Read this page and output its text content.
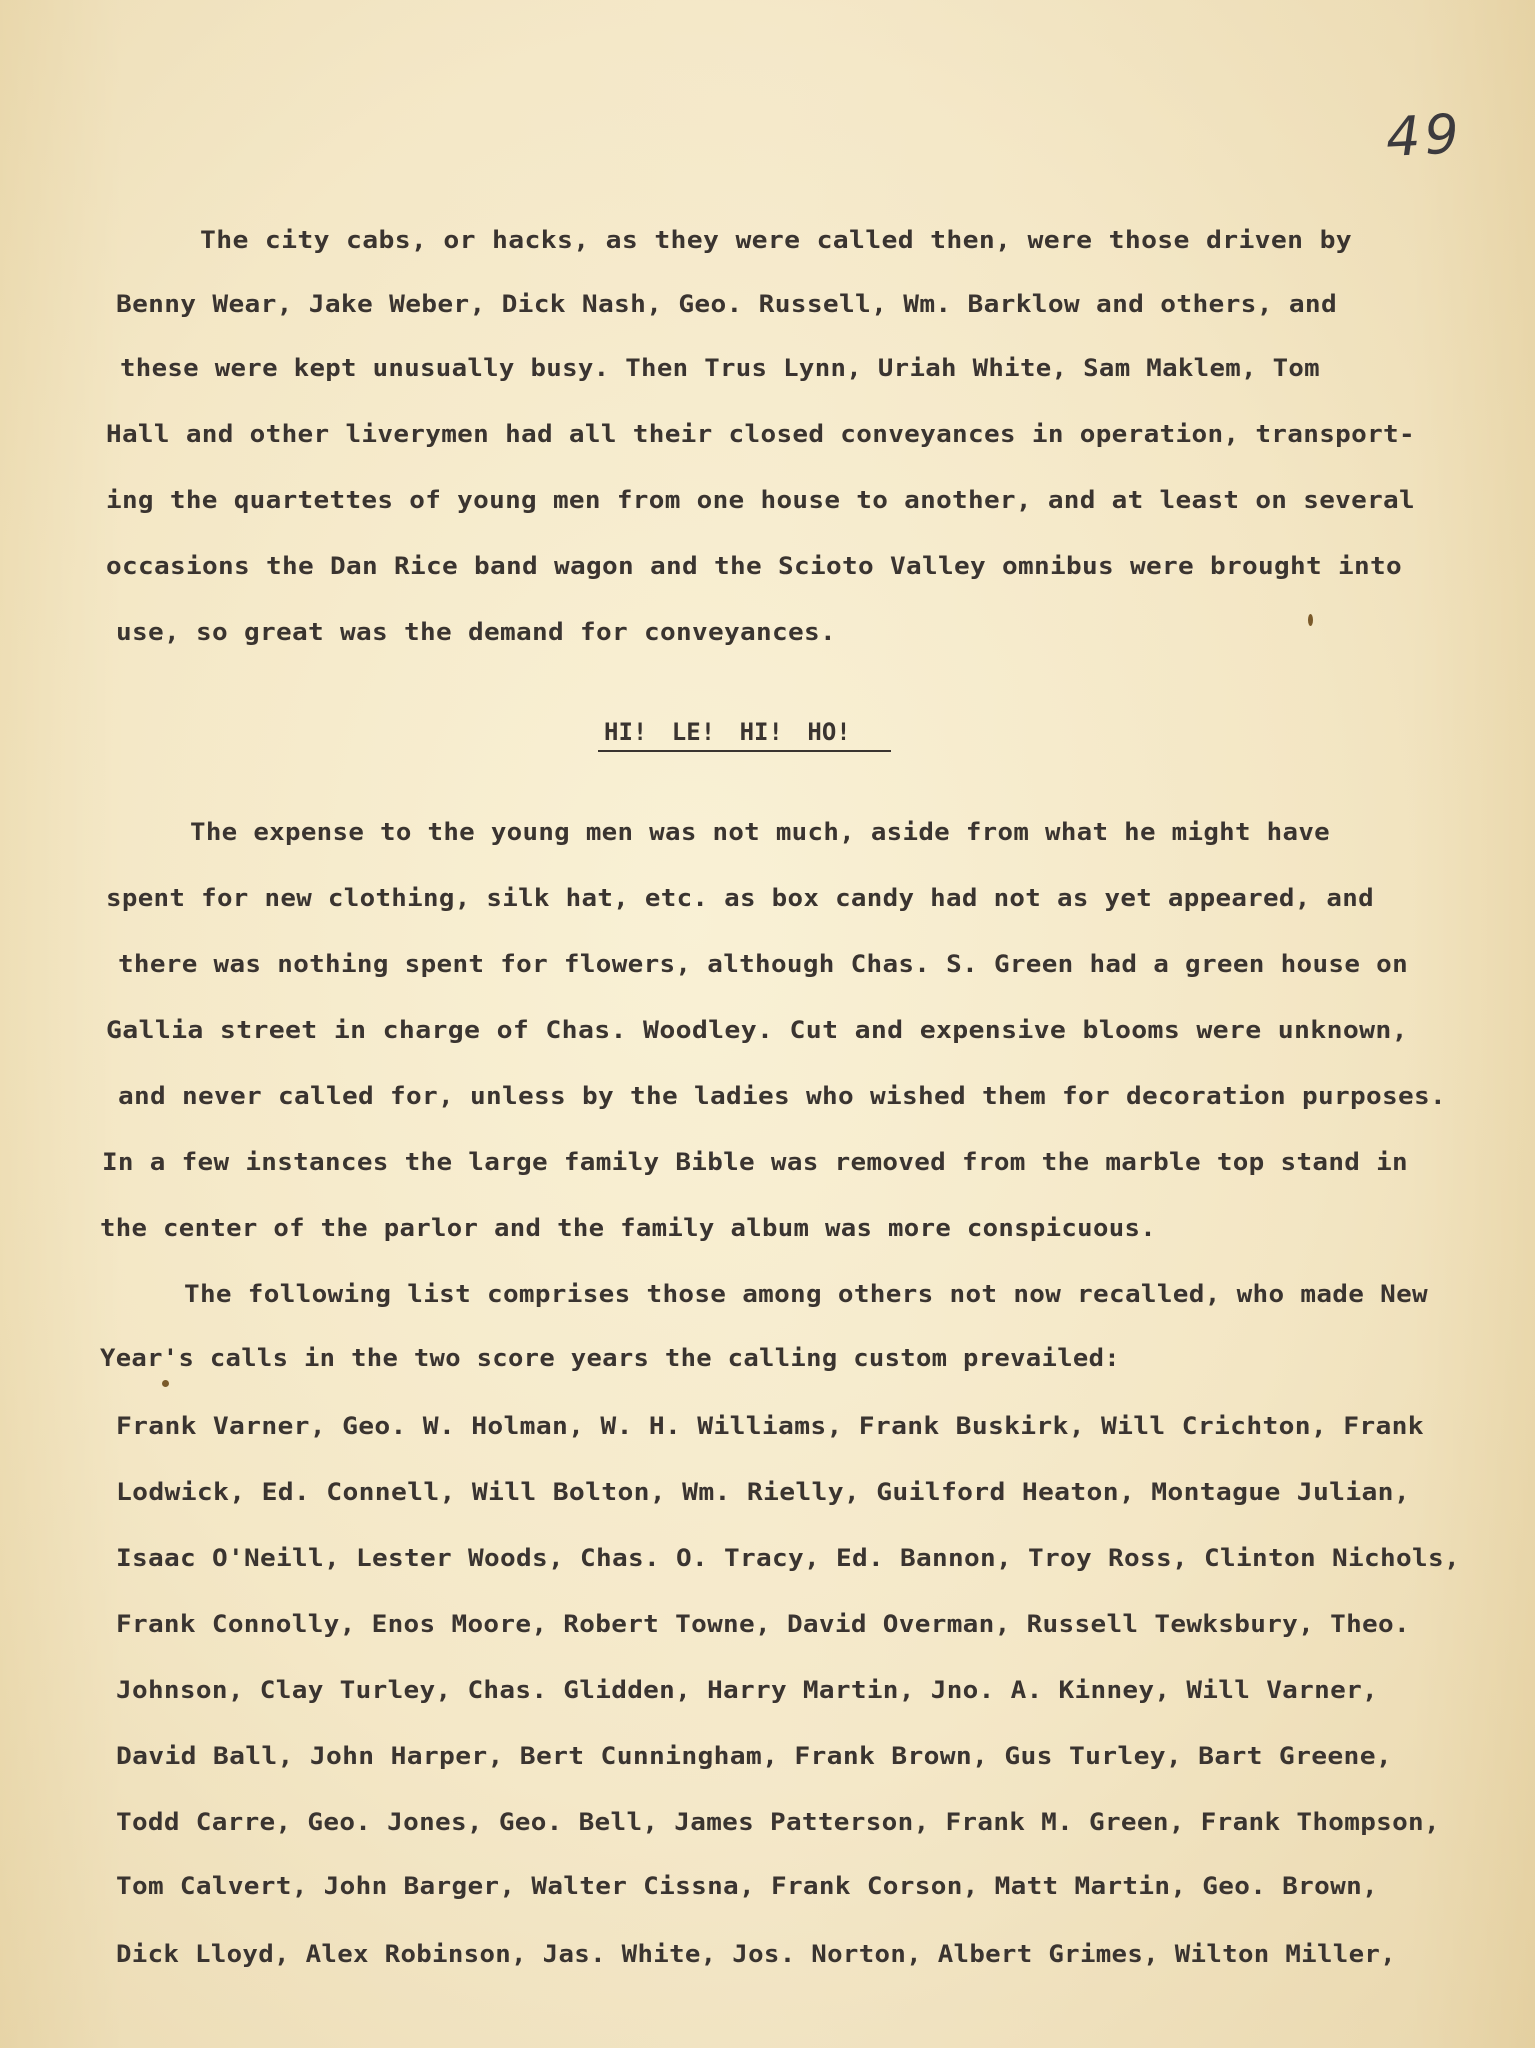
49
The city cabs, or hacks, as they were called then, were those driven by
Benny Wear, Jake Weber, Dick Nash, Geo. Russell, Wm. Barklow and others, and
these were kept unusually busy. Then Trus Lynn, Uriah White, Sam Maklem, Tom
Hall and other liverymen had all their closed conveyances in operation, transport-
ing the quartettes of young men from one house to another, and at least on several
occasions the Dan Rice band wagon and the Scioto Valley omnibus were brought into
use, so great was the demand for conveyances.
HI! LE! HI! HO!
The expense to the young men was not much, aside from what he might have
spent for new clothing, silk hat, etc. as box candy had not as yet appeared, and
there was nothing spent for flowers, although Chas. S. Green had a green house on
Gallia street in charge of Chas. Woodley. Cut and expensive blooms were unknown,
and never called for, unless by the ladies who wished them for decoration purposes.
In a few instances the large family Bible was removed from the marble top stand in
the center of the parlor and the family album was more conspicuous.
The following list comprises those among others not now recalled, who made New
Year's calls in the two score years the calling custom prevailed:
Frank Varner, Geo. W. Holman, W. H. Williams, Frank Buskirk, Will Crichton, Frank
Lodwick, Ed. Connell, Will Bolton, Wm. Rielly, Guilford Heaton, Montague Julian,
Isaac O'Neill, Lester Woods, Chas. O. Tracy, Ed. Bannon, Troy Ross, Clinton Nichols,
Frank Connolly, Enos Moore, Robert Towne, David Overman, Russell Tewksbury, Theo.
Johnson, Clay Turley, Chas. Glidden, Harry Martin, Jno. A. Kinney, Will Varner,
David Ball, John Harper, Bert Cunningham, Frank Brown, Gus Turley, Bart Greene,
Todd Carre, Geo. Jones, Geo. Bell, James Patterson, Frank M. Green, Frank Thompson,
Tom Calvert, John Barger, Walter Cissna, Frank Corson, Matt Martin, Geo. Brown,
Dick Lloyd, Alex Robinson, Jas. White, Jos. Norton, Albert Grimes, Wilton Miller,
